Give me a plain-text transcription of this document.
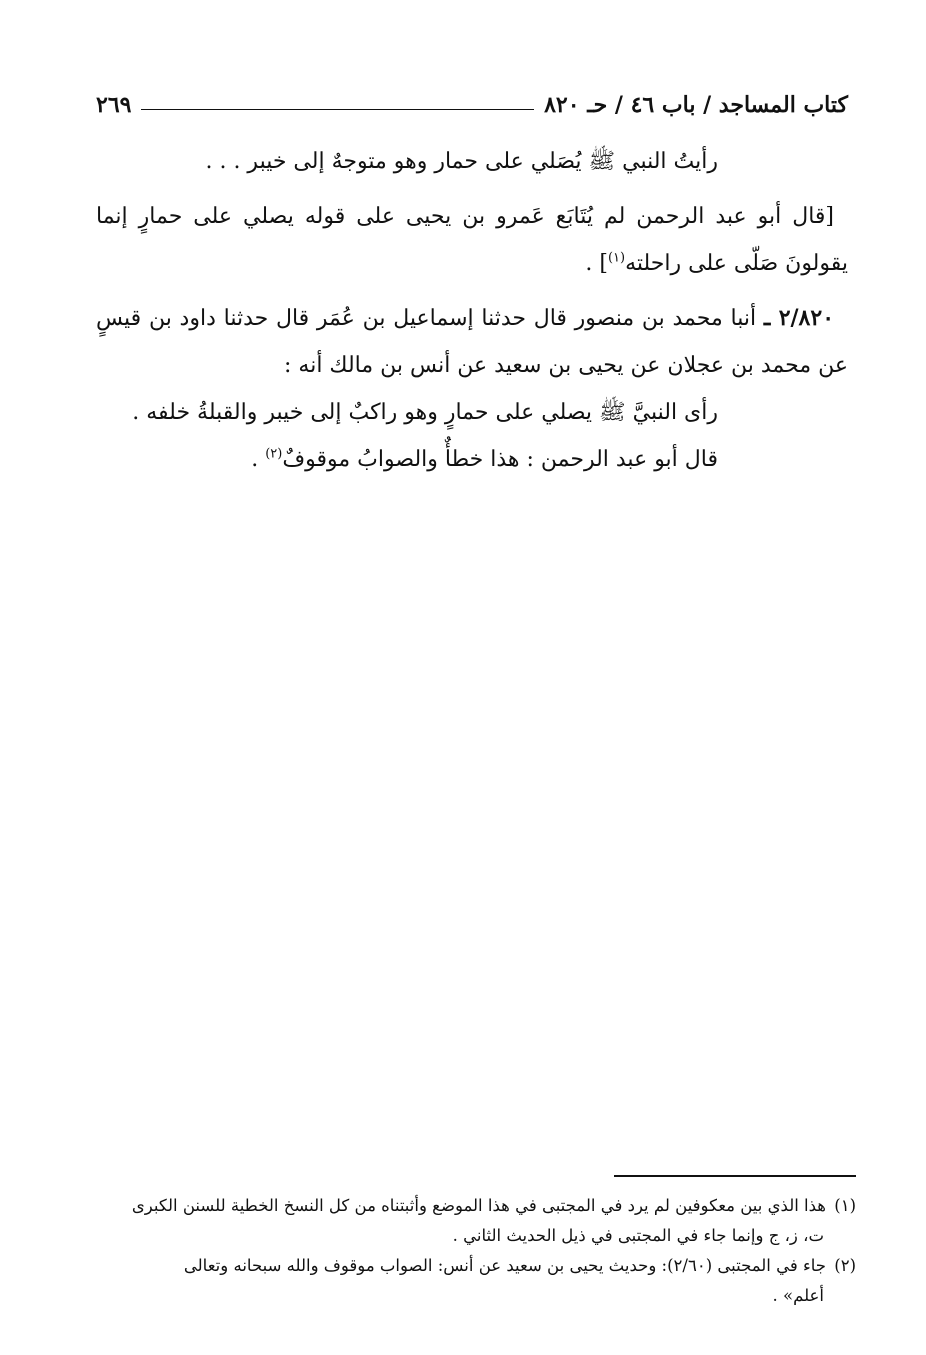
كتاب المساجد / باب ٤٦ / حـ ٨٢٠
٢٦٩

رأيتُ النبي ﷺ يُصَلي على حمار وهو متوجهٌ إلى خيبر . . .

[قال أبو عبد الرحمن لم يُتَابَع عَمرو بن يحيى على قوله يصلي على حمارٍ إنما يقولونَ صَلّى على راحلته$^{(١)}$] .

٢/٨٢٠ ـ أنبا محمد بن منصور قال حدثنا إسماعيل بن عُمَر قال حدثنا داود بن قيسٍ عن محمد بن عجلان عن يحيى بن سعيد عن أنس بن مالك أنه :

رأى النبيَّ ﷺ يصلي على حمارٍ وهو راكبٌ إلى خيبر والقبلةُ خلفه .

قال أبو عبد الرحمن : هذا خطأٌ والصوابُ موقوفٌ$^{(٢)}$ .

(١)هذا الذي بين معكوفين لم يرد في المجتبى في هذا الموضع وأثبتناه من كل النسخ الخطية للسنن الكبرى

ت، ز، ج وإنما جاء في المجتبى في ذيل الحديث الثاني .

(٢)جاء في المجتبى (٢/٦٠): وحديث يحيى بن سعيد عن أنس: الصواب موقوف والله سبحانه وتعالى

أعلم» .
